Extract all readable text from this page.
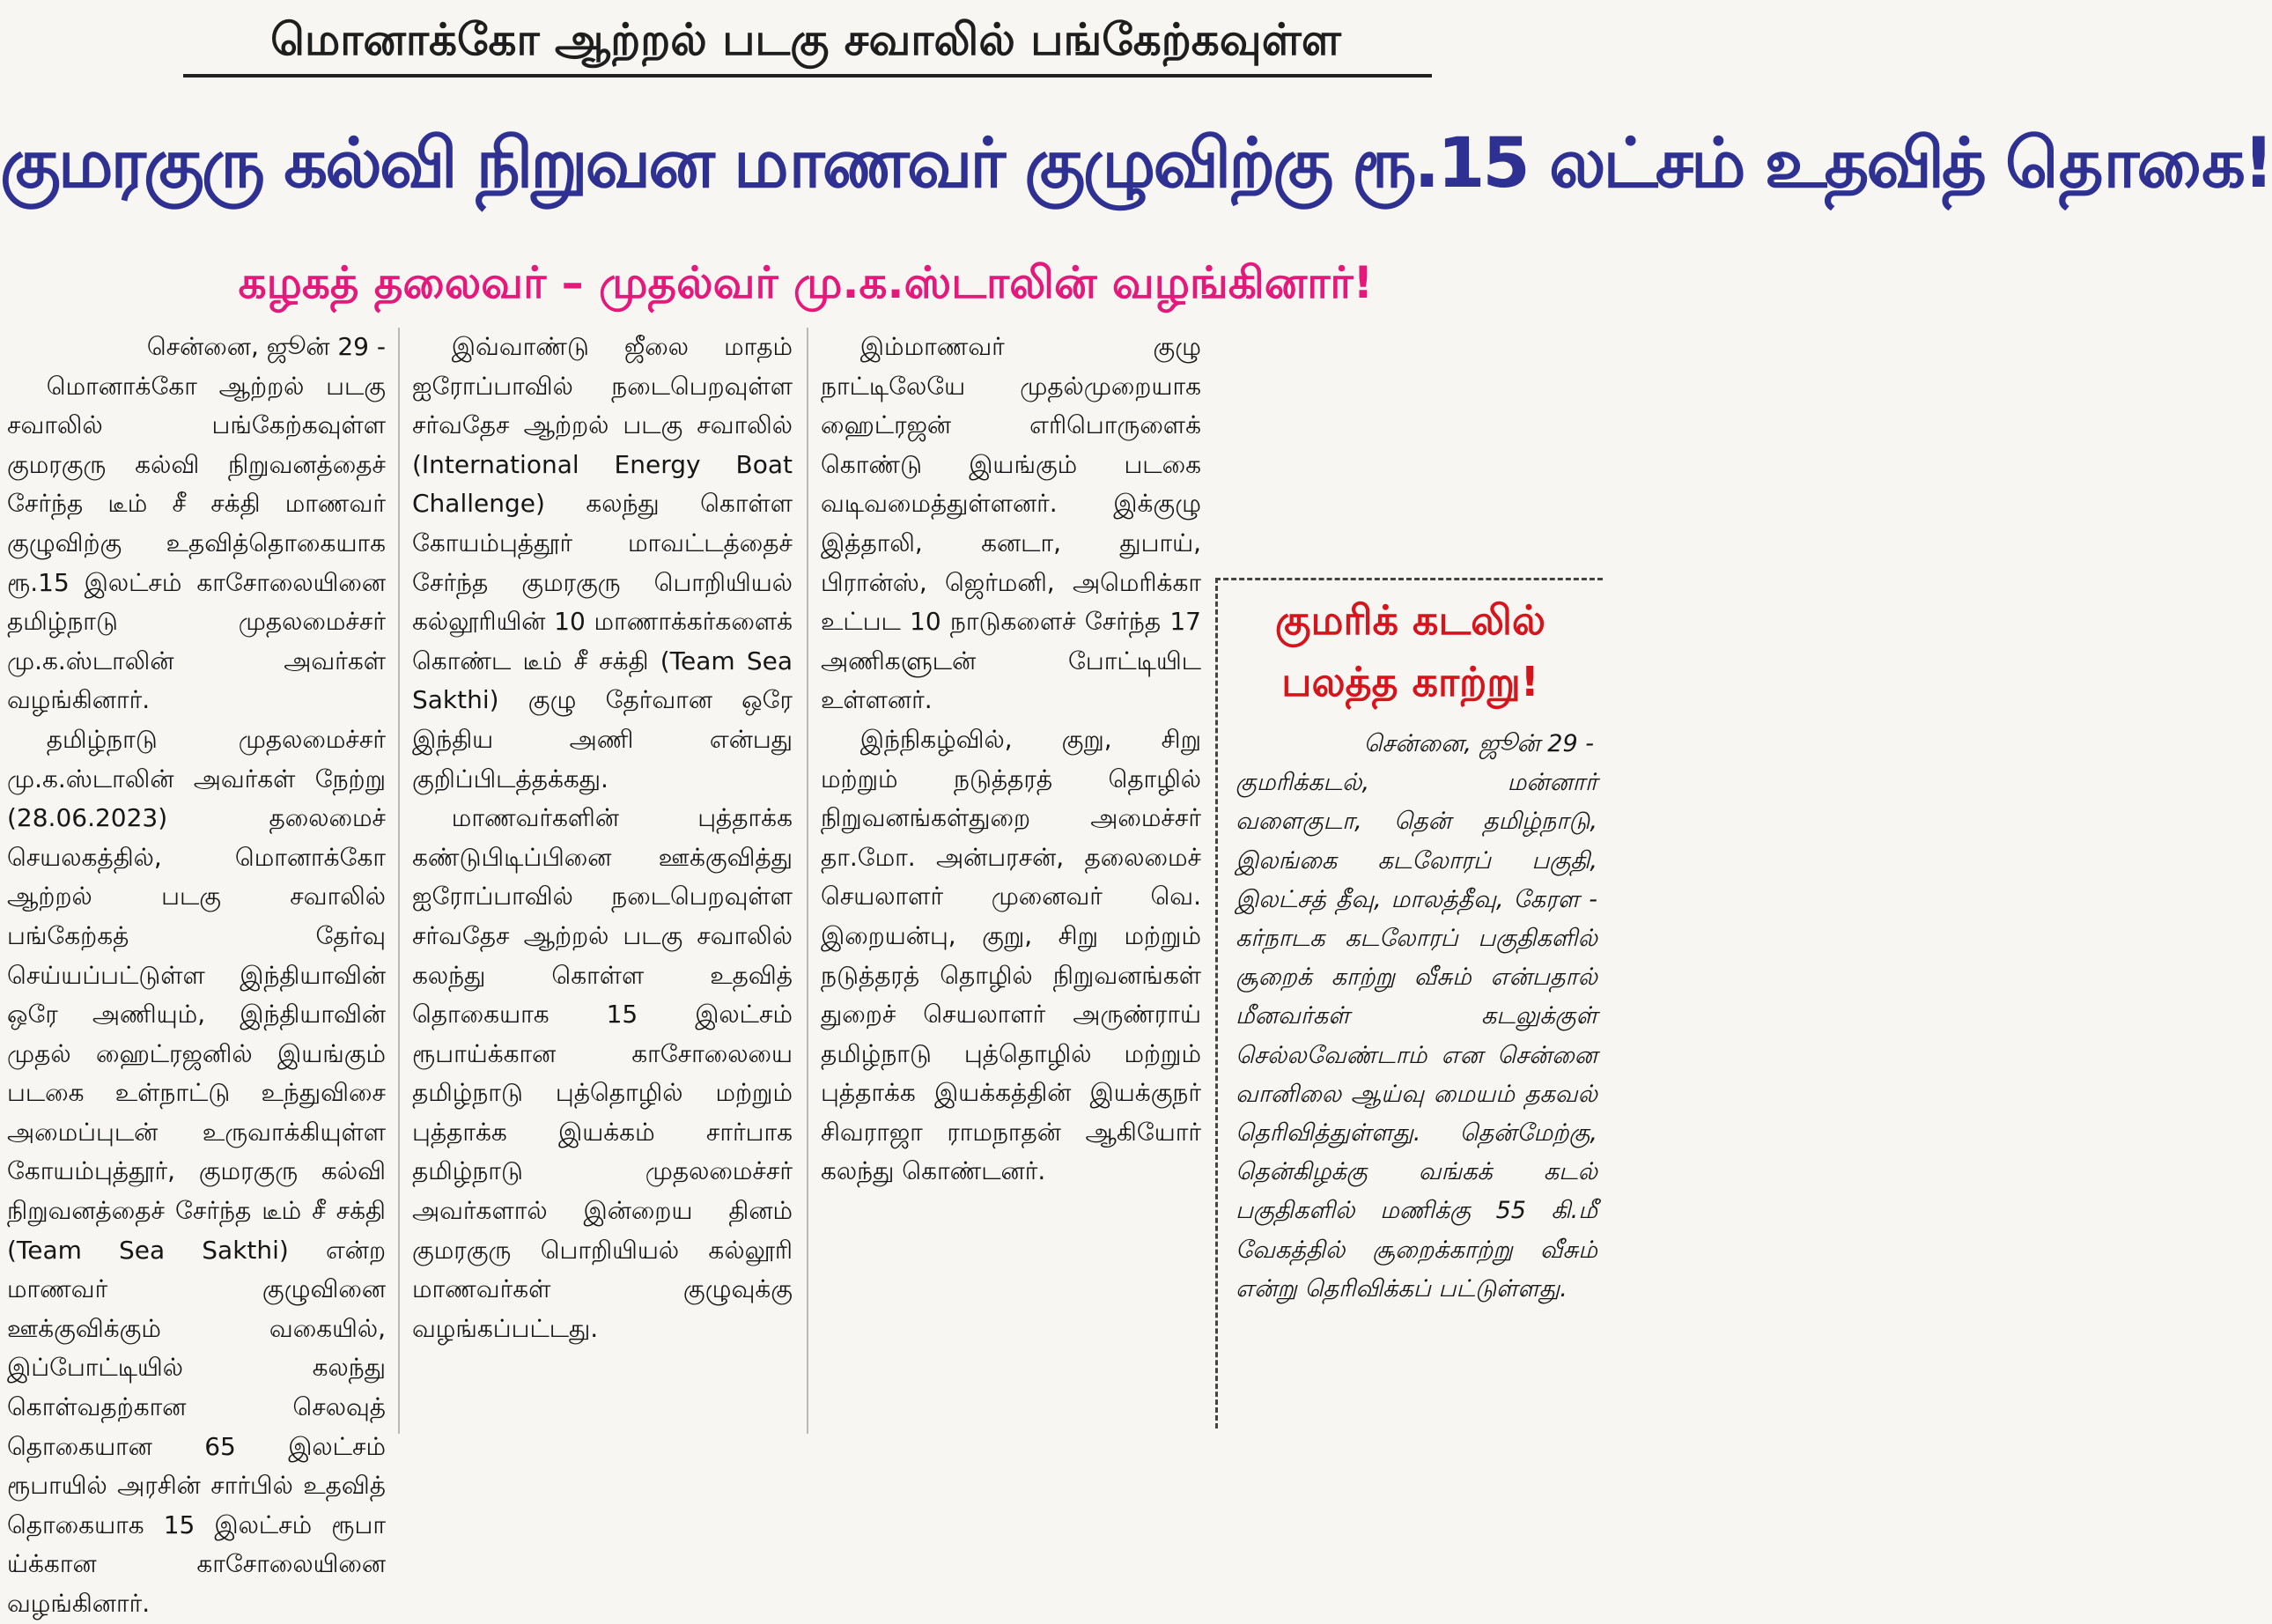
மொனாக்கோ ஆற்றல் படகு சவாலில் பங்கேற்கவுள்ள
குமரகுரு கல்வி நிறுவன மாணவர் குழுவிற்கு ரூ.15 லட்சம் உதவித் தொகை!
கழகத் தலைவர் – முதல்வர் மு.க.ஸ்டாலின் வழங்கினார்!

சென்னை, ஜூன் 29 -

மொனாக்கோ ஆற்றல் படகு சவாலில் பங்கேற்கவுள்ள குமரகுரு கல்வி நிறுவனத்தைச் சேர்ந்த டீம் சீ சக்தி மாணவர் குழுவிற்கு உதவித்தொகையாக ரூ.15 இலட்சம் காசோலையினை தமிழ்நாடு முதலமைச்சர் மு.க.ஸ்டாலின் அவர்கள் வழங்கினார்.

தமிழ்நாடு முதலமைச்சர் மு.க.ஸ்டாலின் அவர்கள் நேற்று (28.06.2023) தலைமைச் செயலகத்தில், மொனாக்கோ ஆற்றல் படகு சவாலில் பங்கேற்கத் தேர்வு செய்யப்பட்டுள்ள இந்தியாவின் ஒரே அணியும், இந்தியாவின் முதல் ஹைட்ரஜனில் இயங்கும் படகை உள்நாட்டு உந்துவிசை அமைப்புடன் உருவாக்கியுள்ள கோயம்புத்தூர், குமரகுரு கல்வி நிறுவனத்தைச் சேர்ந்த டீம் சீ சக்தி (Team Sea Sakthi) என்ற மாணவர் குழுவினை ஊக்குவிக்கும் வகையில், இப்போட்டியில் கலந்து கொள்வதற்கான செலவுத் தொகையான 65 இலட்சம் ரூபாயில் அரசின் சார்பில் உதவித் தொகையாக 15 இலட்சம் ரூபா ய்க்கான காசோலையினை வழங்கினார்.

இவ்வாண்டு ஜீலை மாதம் ஐரோப்பாவில் நடைபெறவுள்ள சர்வதேச ஆற்றல் படகு சவாலில் (International Energy Boat Challenge) கலந்து கொள்ள கோயம்புத்தூர் மாவட்டத்தைச் சேர்ந்த குமரகுரு பொறியியல் கல்லூரியின் 10 மாணாக்கர்களைக் கொண்ட டீம் சீ சக்தி (Team Sea Sakthi) குழு தேர்வான ஒரே இந்திய அணி என்பது குறிப்பிடத்தக்கது.

மாணவர்களின் புத்தாக்க கண்டுபிடிப்பினை ஊக்குவித்து ஐரோப்பாவில் நடைபெறவுள்ள சர்வதேச ஆற்றல் படகு சவாலில் கலந்து கொள்ள உதவித் தொகையாக 15 இலட்சம் ரூபாய்க்கான காசோலையை தமிழ்நாடு புத்தொழில் மற்றும் புத்தாக்க இயக்கம் சார்பாக தமிழ்நாடு முதலமைச்சர் அவர்களால் இன்றைய தினம் குமரகுரு பொறியியல் கல்லூரி மாணவர்கள் குழுவுக்கு வழங்கப்பட்டது.

இம்மாணவர் குழு நாட்டிலேயே முதல்முறையாக ஹைட்ரஜன் எரிபொருளைக் கொண்டு இயங்கும் படகை வடிவமைத்துள்ளனர். இக்குழு இத்தாலி, கனடா, துபாய், பிரான்ஸ், ஜெர்மனி, அமெரிக்கா உட்பட 10 நாடுகளைச் சேர்ந்த 17 அணிகளுடன் போட்டியிட உள்ளனர்.

இந்நிகழ்வில், குறு, சிறு மற்றும் நடுத்தரத் தொழில் நிறுவனங்கள்துறை அமைச்சர் தா.மோ. அன்பரசன், தலைமைச் செயலாளர் முனைவர் வெ. இறையன்பு, குறு, சிறு மற்றும் நடுத்தரத் தொழில் நிறுவனங்கள் துறைச் செயலாளர் அருண்ராய் தமிழ்நாடு புத்தொழில் மற்றும் புத்தாக்க இயக்கத்தின் இயக்குநர் சிவராஜா ராமநாதன் ஆகியோர் கலந்து கொண்டனர்.

குமரிக் கடலில் பலத்த காற்று!

சென்னை, ஜூன் 29 -

குமரிக்கடல், மன்னார் வளைகுடா, தென் தமிழ்நாடு, இலங்கை கடலோரப் பகுதி, இலட்சத் தீவு, மாலத்தீவு, கேரள - கர்நாடக கடலோரப் பகுதிகளில் சூறைக் காற்று வீசும் என்பதால் மீனவர்கள் கடலுக்குள் செல்லவேண்டாம் என சென்னை வானிலை ஆய்வு மையம் தகவல் தெரிவித்துள்ளது. தென்மேற்கு, தென்கிழக்கு வங்கக் கடல் பகுதிகளில் மணிக்கு 55 கி.மீ வேகத்தில் சூறைக்காற்று வீசும் என்று தெரிவிக்கப் பட்டுள்ளது.
